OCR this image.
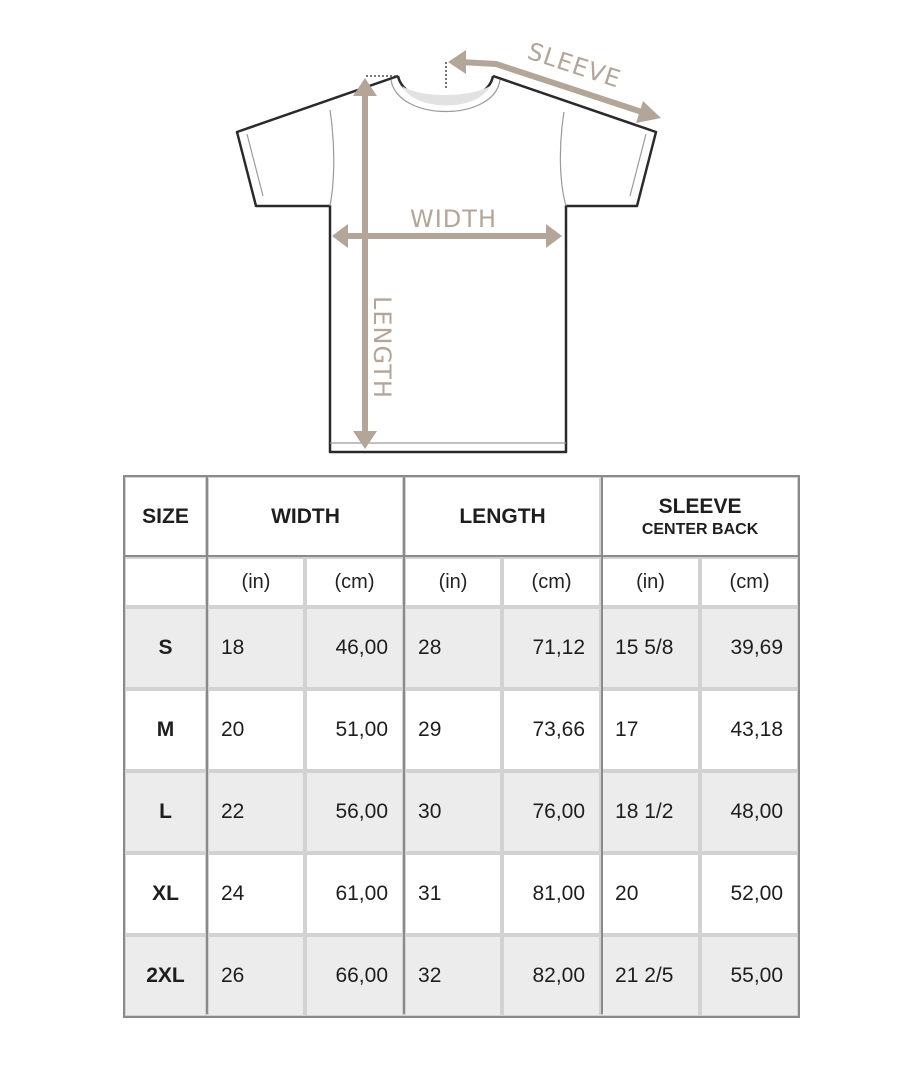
WIDTH
LENGTH
SLEEVE
SIZE	WIDTH		LENGTH		SLEEVE
CENTER BACK	

	(in)	(cm)	(in)	(cm)	(in)	(cm)
S	18	46,00	28	71,12	15 5/8	39,69
M	20	51,00	29	73,66	17	43,18
L	22	56,00	30	76,00	18 1/2	48,00
XL	24	61,00	31	81,00	20	52,00
2XL	26	66,00	32	82,00	21 2/5	55,00
